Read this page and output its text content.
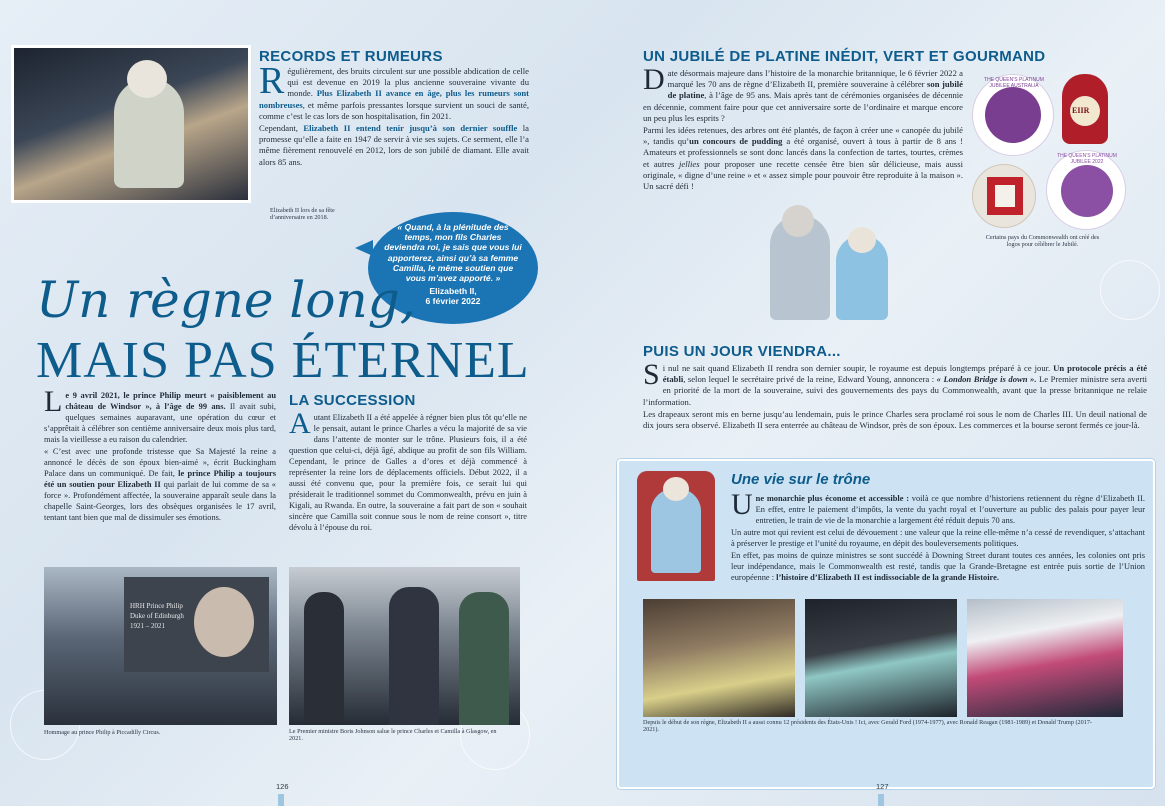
Elizabeth II lors de sa fête
d’anniversaire en 2018.
RECORDS ET RUMEURS

Régulièrement, des bruits circulent sur une possible abdication de celle qui est devenue en 2019 la plus ancienne souveraine vivante du monde. Plus Elizabeth II avance en âge, plus les rumeurs sont nombreuses, et même parfois pressantes lorsque survient un souci de santé, comme c’est le cas lors de son hospitalisation, fin 2021.

Cependant, Elizabeth II entend tenir jusqu’à son dernier souffle la promesse qu’elle a faite en 1947 de servir à vie ses sujets. Ce serment, elle l’a même fièrement renouvelé en 2012, lors de son jubilé de diamant. Elle avait alors 85 ans.

« Quand, à la plénitude des temps, mon fils Charles deviendra roi, je sais que vous lui apporterez, ainsi qu’à sa femme Camilla, le même soutien que vous m’avez apporté. »
Elizabeth II,
6 février 2022
Un règne long,
MAIS PAS ÉTERNEL

Le 9 avril 2021, le prince Philip meurt « paisiblement au château de Windsor », à l’âge de 99 ans. Il avait subi, quelques semaines auparavant, une opération du cœur et s’apprêtait à célébrer son centième anniversaire deux mois plus tard, mais la vieillesse a eu raison du calendrier.

« C’est avec une profonde tristesse que Sa Majesté la reine a annoncé le décès de son époux bien-aimé », écrit Buckingham Palace dans un communiqué. De fait, le prince Philip a toujours été un soutien pour Elizabeth II qui parlait de lui comme de sa « force ». Profondément affectée, la souveraine apparaît seule dans la chapelle Saint-Georges, lors des obsèques organisées le 17 avril, tentant tant bien que mal de dissimuler ses émotions.

LA SUCCESSION

Autant Elizabeth II a été appelée à régner bien plus tôt qu’elle ne le pensait, autant le prince Charles a vécu la majorité de sa vie dans l’attente de monter sur le trône. Plusieurs fois, il a été question que celui-ci, déjà âgé, abdique au profit de son fils William. Cependant, le prince de Galles a d’ores et déjà commencé à représenter la reine lors de déplacements officiels. Début 2022, il a aussi été convenu que, pour la première fois, ce serait lui qui présiderait le traditionnel sommet du Commonwealth, prévu en juin à Kigali, au Rwanda. En outre, la souveraine a fait part de son « souhait sincère que Camilla soit connue sous le nom de reine consort », titre dévolu à l’épouse du roi.

HRH Prince Philip
Duke of Edinburgh
1921 – 2021
Hommage au prince Philip à Piccadilly Circus.	Le Premier ministre Boris Johnson salue le prince Charles et Camilla à Glasgow, en 2021.
126
UN JUBILÉ DE PLATINE INÉDIT, VERT ET GOURMAND

Date désormais majeure dans l’histoire de la monarchie britannique, le 6 février 2022 a marqué les 70 ans de règne d’Elizabeth II, première souveraine à célébrer son jubilé de platine, à l’âge de 95 ans. Mais après tant de cérémonies organisées de décennie en décennie, comment faire pour que cet anniversaire sorte de l’ordinaire et marque encore un peu plus les esprits ?

Parmi les idées retenues, des arbres ont été plantés, de façon à créer une « canopée du jubilé », tandis qu’un concours de pudding a été organisé, ouvert à tous à partir de 8 ans ! Amateurs et professionnels se sont donc lancés dans la confection de tartes, tourtes, crèmes et autres jellies pour proposer une recette censée être bien sûr délicieuse, mais aussi originale, « digne d’une reine » et « assez simple pour pouvoir être reproduite à la maison ». Un sacré défi !

THE QUEEN’S PLATINUM JUBILEE AUSTRALIA
EIIR
THE QUEEN’S PLATINUM JUBILEE 2022
Certains pays du Commonwealth ont créé des logos pour célébrer le Jubilé.
PUIS UN JOUR VIENDRA...

Si nul ne sait quand Elizabeth II rendra son dernier soupir, le royaume est depuis longtemps préparé à ce jour. Un protocole précis a été établi, selon lequel le secrétaire privé de la reine, Edward Young, annoncera : « London Bridge is down ». Le Premier ministre sera averti en priorité de la mort de la souveraine, suivi des gouvernements des pays du Commonwealth, avant que la presse britannique ne relaie l’information.

Les drapeaux seront mis en berne jusqu’au lendemain, puis le prince Charles sera proclamé roi sous le nom de Charles III. Un deuil national de dix jours sera observé. Elizabeth II sera enterrée au château de Windsor, près de son époux. Les commerces et la bourse seront fermés ce jour-là.

Une vie sur le trône

Une monarchie plus économe et accessible : voilà ce que nombre d’historiens retiennent du règne d’Elizabeth II. En effet, entre le paiement d’impôts, la vente du yacht royal et l’ouverture au public des palais pour payer leur entretien, le train de vie de la monarchie a largement été réduit depuis 70 ans.

Un autre mot qui revient est celui de dévouement : une valeur que la reine elle-même n’a cessé de revendiquer, s’attachant à préserver le prestige et l’unité du royaume, en dépit des bouleversements politiques.

En effet, pas moins de quinze ministres se sont succédé à Downing Street durant toutes ces années, les colonies ont pris leur indépendance, mais le Commonwealth est resté, tandis que la Grande-Bretagne est entrée puis sortie de l’Union européenne : l’histoire d’Elizabeth II est indissociable de la grande Histoire.

Depuis le début de son règne, Elizabeth II a aussi connu 12 présidents des États-Unis ! Ici, avec Gerald Ford (1974-1977), avec Ronald Reagan (1981-1989) et Donald Trump (2017-2021).
127
